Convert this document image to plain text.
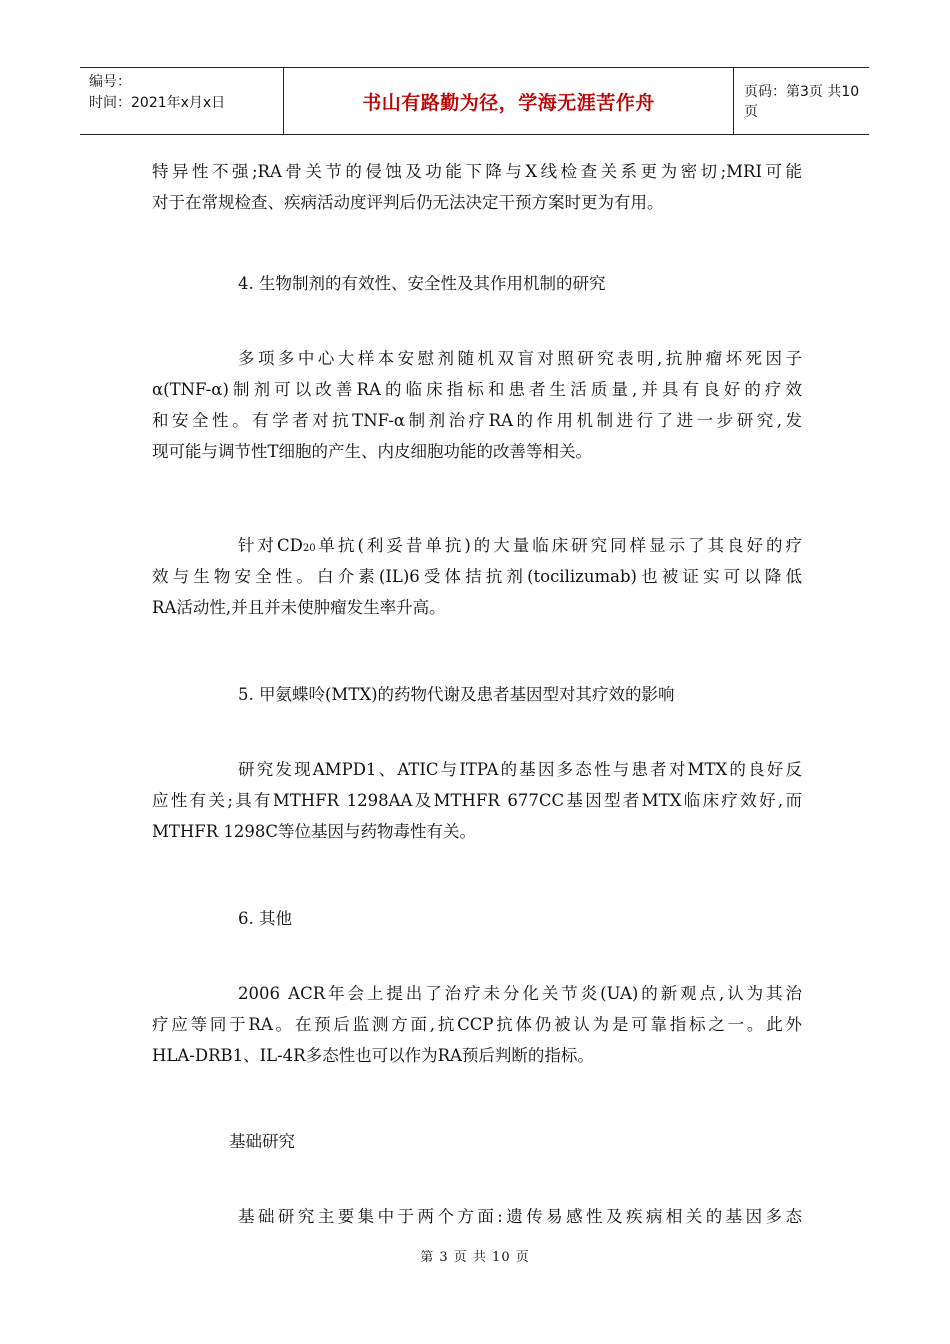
编号：
时间：2021年x月x日	书山有路勤为径，学海无涯苦作舟	页码：第3页 共10页
特异性不强;RA骨关节的侵蚀及功能下降与X线检查关系更为密切;MRI可能
对于在常规检查、疾病活动度评判后仍无法决定干预方案时更为有用。
4. 生物制剂的有效性、安全性及其作用机制的研究
多项多中心大样本安慰剂随机双盲对照研究表明,抗肿瘤坏死因子
α(TNF-α)制剂可以改善RA的临床指标和患者生活质量,并具有良好的疗效
和安全性。有学者对抗TNF-α制剂治疗RA的作用机制进行了进一步研究,发
现可能与调节性T细胞的产生、内皮细胞功能的改善等相关。
针对CD20单抗(利妥昔单抗)的大量临床研究同样显示了其良好的疗
效与生物安全性。白介素(IL)6受体拮抗剂(tocilizumab)也被证实可以降低
RA活动性,并且并未使肿瘤发生率升高。
5. 甲氨蝶呤(MTX)的药物代谢及患者基因型对其疗效的影响
研究发现AMPD1、ATIC与ITPA的基因多态性与患者对MTX的良好反
应性有关;具有MTHFR 1298AA及MTHFR 677CC基因型者MTX临床疗效好,而
MTHFR 1298C等位基因与药物毒性有关。
6. 其他
2006 ACR年会上提出了治疗未分化关节炎(UA)的新观点,认为其治
疗应等同于RA。在预后监测方面,抗CCP抗体仍被认为是可靠指标之一。此外
HLA-DRB1、IL-4R多态性也可以作为RA预后判断的指标。
基础研究
基础研究主要集中于两个方面:遗传易感性及疾病相关的基因多态
第 3 页 共 10 页
